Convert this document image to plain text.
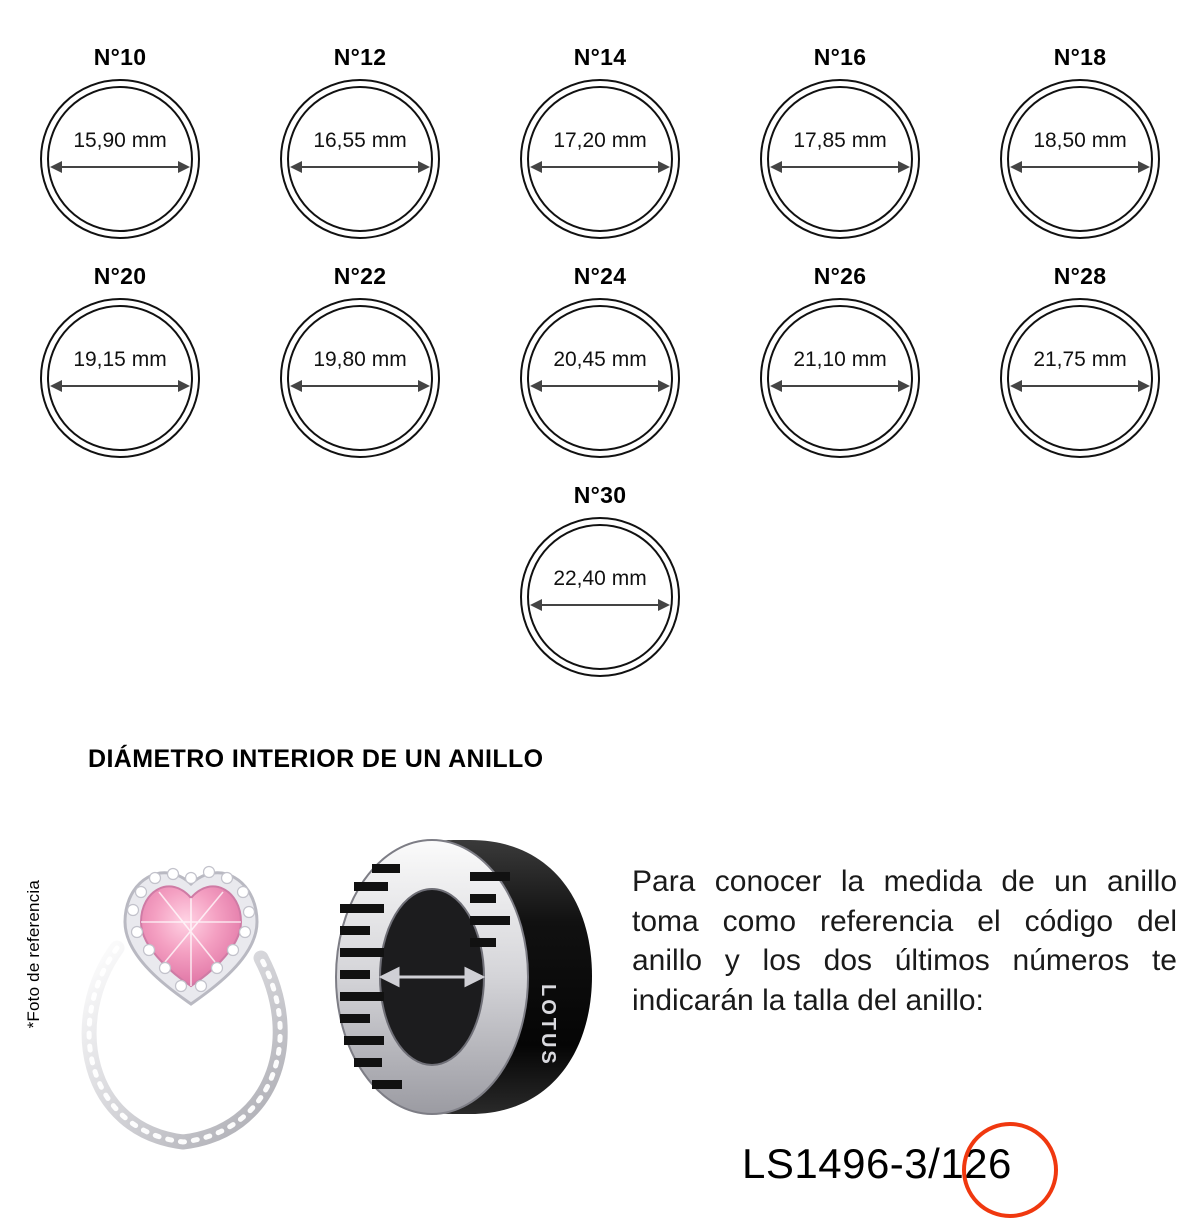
N°10
15,90 mm
N°12
16,55 mm
N°14
17,20 mm
N°16
17,85 mm
N°18
18,50 mm
N°20
19,15 mm
N°22
19,80 mm
N°24
20,45 mm
N°26
21,10 mm
N°28
21,75 mm
N°30
22,40 mm
DIÁMETRO INTERIOR DE UN ANILLO
*Foto de referencia	LOTUS
Para conocer la medida de un anillo toma como referencia el código del anillo y los dos últimos números te indicarán la talla del anillo:
LS1496-3/126
